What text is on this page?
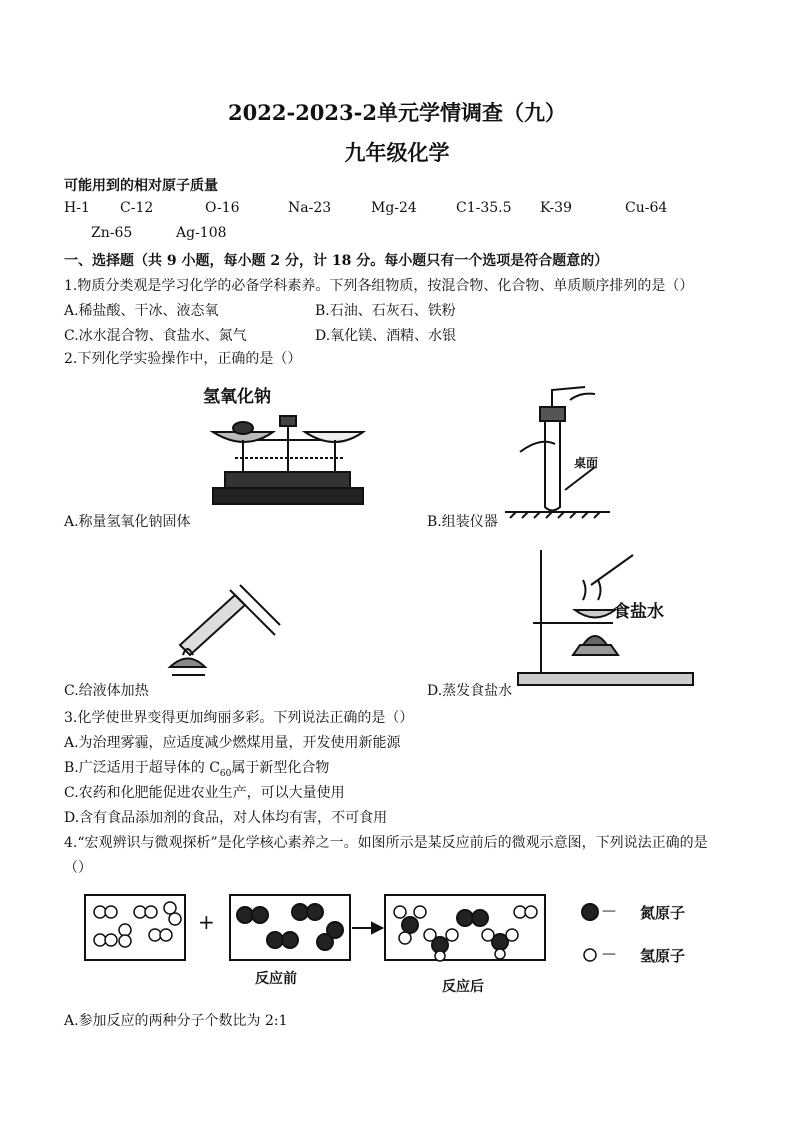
2022-2023-2单元学情调查（九）
九年级化学
可能用到的相对原子质量
H-1 C-12	O-16	Na-23	Mg-24	C1-35.5 K-39	Cu-64
Zn-65	Ag-108
一、选择题（共 9 小题，每小题 2 分，计 18 分。每小题只有一个选项是符合题意的）
1.物质分类观是学习化学的必备学科素养。下列各组物质，按混合物、化合物、单质顺序排列的是（）
A.稀盐酸、干冰、液态氧	B.石油、石灰石、铁粉
C.冰水混合物、食盐水、氮气	D.氧化镁、酒精、水银
2.下列化学实验操作中，正确的是（）
氢氧化钠
A.称量氢氧化钠固体
桌面
B.组装仪器
C.给液体加热
食盐水
D.蒸发食盐水
3.化学使世界变得更加绚丽多彩。下列说法正确的是（）
A.为治理雾霾，应适度减少燃煤用量，开发使用新能源
B.广泛适用于超导体的 $C_{60}$属于新型化合物
C.农药和化肥能促进农业生产，可以大量使用
D.含有食品添加剂的食品，对人体均有害，不可食用
4.“宏观辨识与微观探析”是化学核心素养之一。如图所示是某反应前后的微观示意图，下列说法正确的是
（）
+
反应前	反应后
— 氮原子
— 氢原子
A.参加反应的两种分子个数比为 2:1
